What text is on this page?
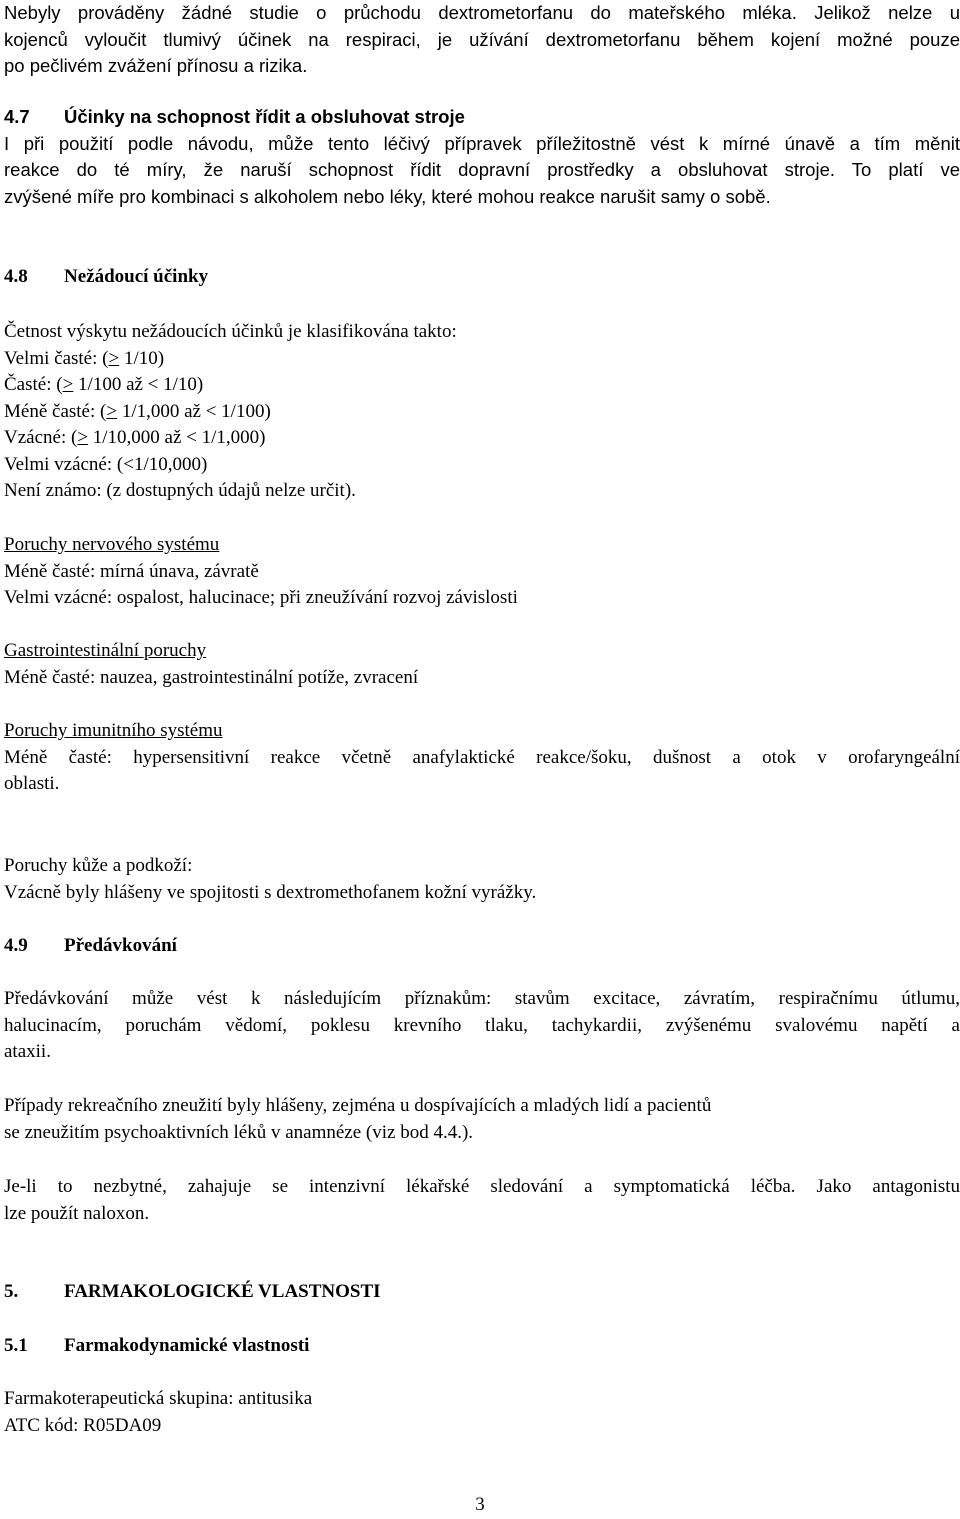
Nebyly prováděny žádné studie o průchodu dextrometorfanu do mateřského mléka. Jelikož nelze u
kojenců vyloučit tlumivý účinek na respiraci, je užívání dextrometorfanu během kojení možné pouze
po pečlivém zvážení přínosu a rizika.
4.7 Účinky na schopnost řídit a obsluhovat stroje
I při použití podle návodu, může tento léčivý přípravek příležitostně vést k mírné únavě a tím měnit
reakce do té míry, že naruší schopnost řídit dopravní prostředky a obsluhovat stroje. To platí ve
zvýšené míře pro kombinaci s alkoholem nebo léky, které mohou reakce narušit samy o sobě.
4.8 Nežádoucí účinky
Četnost výskytu nežádoucích účinků je klasifikována takto:
Velmi časté: (> 1/10)
Časté: (> 1/100 až < 1/10)
Méně časté: (> 1/1,000 až < 1/100)
Vzácné: (> 1/10,000 až < 1/1,000)
Velmi vzácné: (<1/10,000)
Není známo: (z dostupných údajů nelze určit).
Poruchy nervového systému
Méně časté: mírná únava, závratě
Velmi vzácné: ospalost, halucinace; při zneužívání rozvoj závislosti
Gastrointestinální poruchy
Méně časté: nauzea, gastrointestinální potíže, zvracení
Poruchy imunitního systému
Méně časté: hypersensitivní reakce včetně anafylaktické reakce/šoku, dušnost a otok v orofaryngeální
oblasti.
Poruchy kůže a podkoží:
Vzácně byly hlášeny ve spojitosti s dextromethofanem kožní vyrážky.
4.9 Předávkování
Předávkování může vést k následujícím příznakům: stavům excitace, závratím, respiračnímu útlumu,
halucinacím, poruchám vědomí, poklesu krevního tlaku, tachykardii, zvýšenému svalovému napětí a
ataxii.
Případy rekreačního zneužití byly hlášeny, zejména u dospívajících a mladých lidí a pacientů
se zneužitím psychoaktivních léků v anamnéze (viz bod 4.4.).
Je-li to nezbytné, zahajuje se intenzivní lékařské sledování a symptomatická léčba. Jako antagonistu
lze použít naloxon.
5. FARMAKOLOGICKÉ VLASTNOSTI
5.1 Farmakodynamické vlastnosti
Farmakoterapeutická skupina: antitusika
ATC kód: R05DA09
3
